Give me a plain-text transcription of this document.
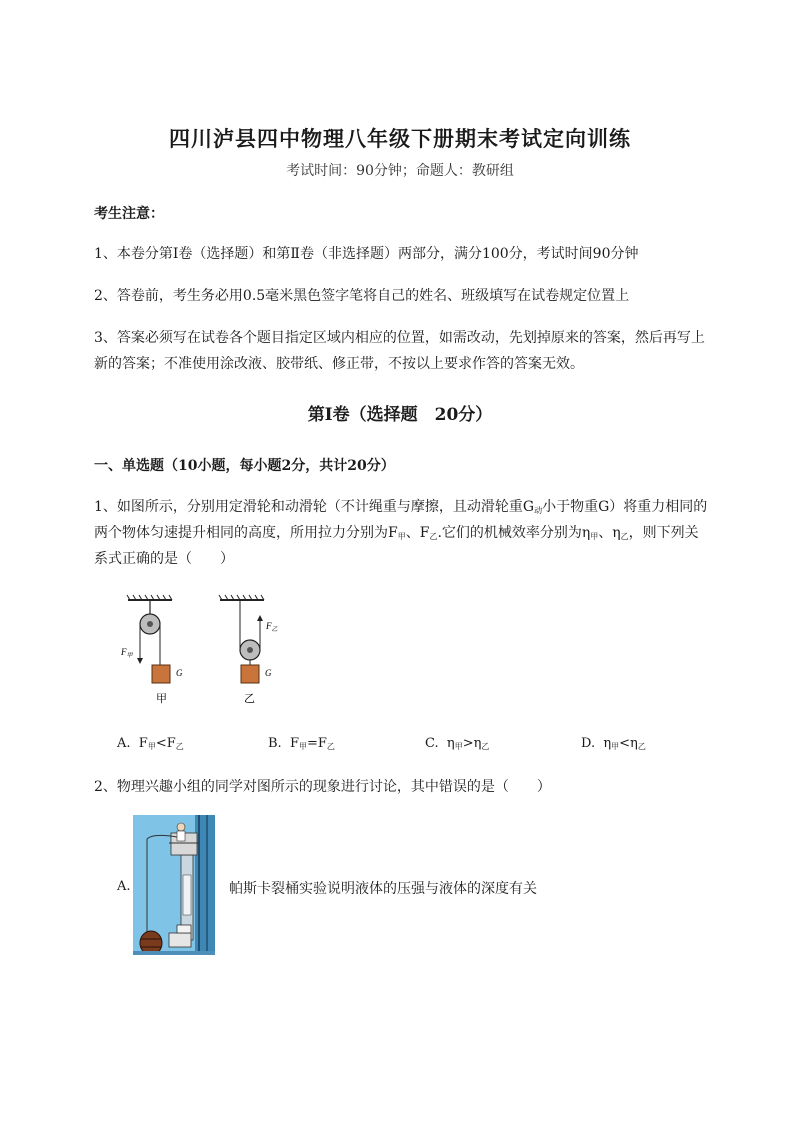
四川泸县四中物理八年级下册期末考试定向训练
考试时间：90分钟；命题人：教研组
考生注意：
1、本卷分第I卷（选择题）和第Ⅱ卷（非选择题）两部分，满分100分，考试时间90分钟
2、答卷前，考生务必用0.5毫米黑色签字笔将自己的姓名、班级填写在试卷规定位置上
3、答案必须写在试卷各个题目指定区域内相应的位置，如需改动，先划掉原来的答案，然后再写上新的答案；不准使用涂改液、胶带纸、修正带，不按以上要求作答的答案无效。
第I卷（选择题　20分）
一、单选题（10小题，每小题2分，共计20分）
1、如图所示，分别用定滑轮和动滑轮（不计绳重与摩擦，且动滑轮重$G_动$小于物重G）将重力相同的
两个物体匀速提升相同的高度，所用拉力分别为$F_甲$、$F_乙$.它们的机械效率分别为$\eta_甲$、$\eta_乙$，则下列关
系式正确的是（　　）
$F_甲$
G
甲
$F_乙$
G
乙
A. $F_甲<F_乙$	B. $F_甲=F_乙$	C. $\eta_甲>\eta_乙$	D. $\eta_甲<\eta_乙$
2、物理兴趣小组的同学对图所示的现象进行讨论，其中错误的是（　　）
A.	帕斯卡裂桶实验说明液体的压强与液体的深度有关
